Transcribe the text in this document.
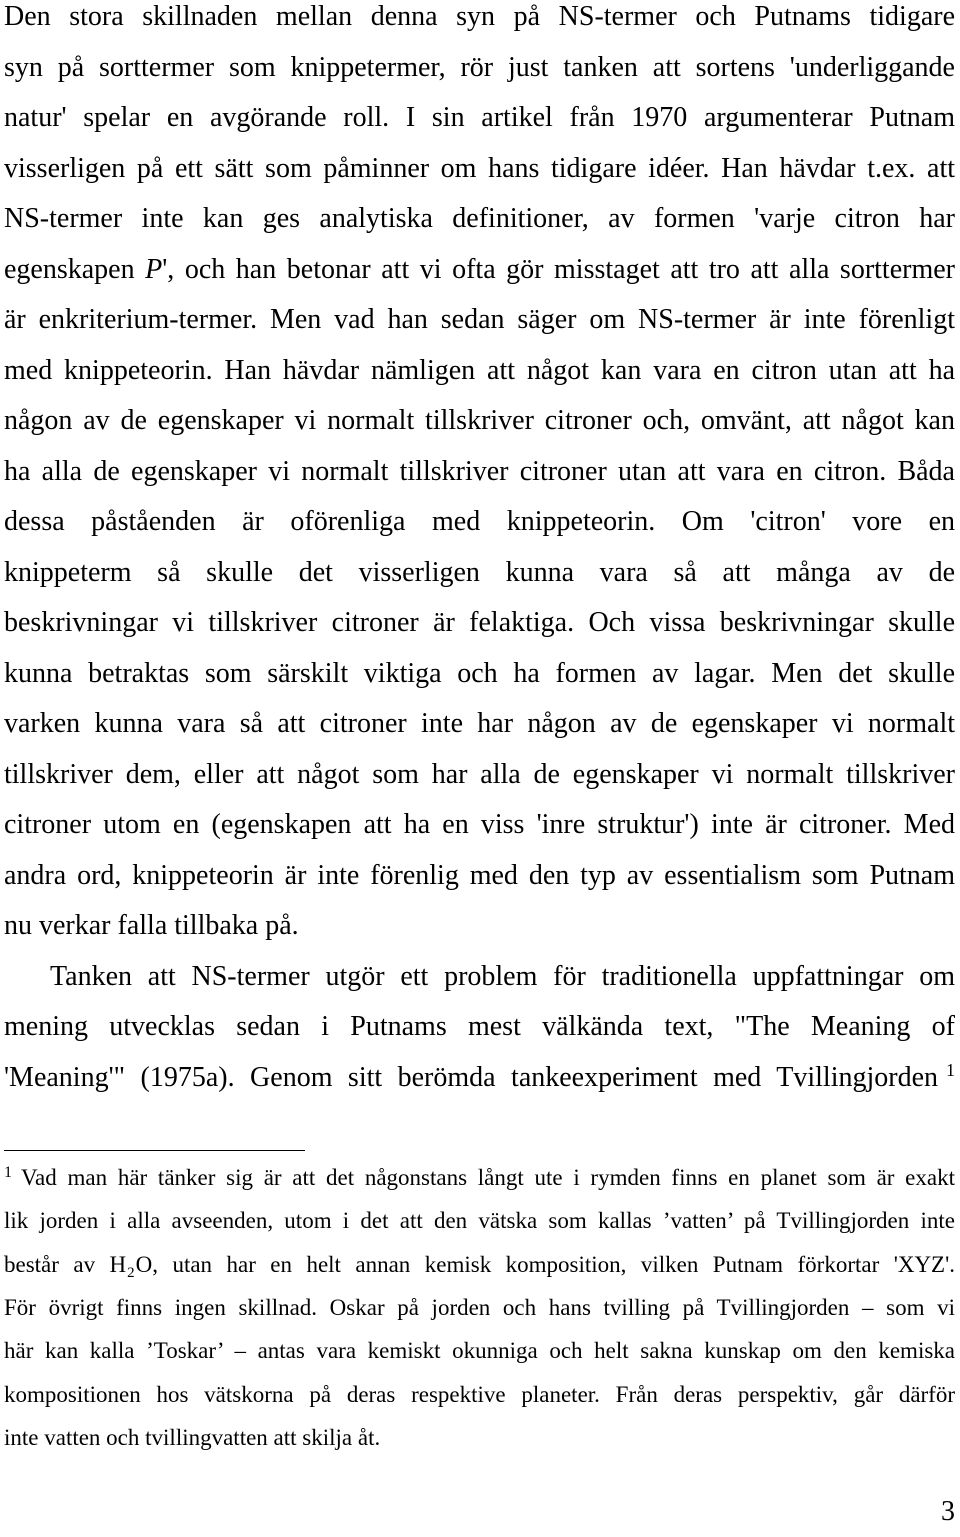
Den stora skillnaden mellan denna syn på NS-termer och Putnams tidigare
syn på sorttermer som knippetermer, rör just tanken att sortens 'underliggande
natur' spelar en avgörande roll. I sin artikel från 1970 argumenterar Putnam
visserligen på ett sätt som påminner om hans tidigare idéer. Han hävdar t.ex. att
NS-termer inte kan ges analytiska definitioner, av formen 'varje citron har
egenskapen P', och han betonar att vi ofta gör misstaget att tro att alla sorttermer
är enkriterium-termer. Men vad han sedan säger om NS-termer är inte förenligt
med knippeteorin. Han hävdar nämligen att något kan vara en citron utan att ha
någon av de egenskaper vi normalt tillskriver citroner och, omvänt, att något kan
ha alla de egenskaper vi normalt tillskriver citroner utan att vara en citron. Båda
dessa påståenden är oförenliga med knippeteorin. Om 'citron' vore en
knippeterm så skulle det visserligen kunna vara så att många av de
beskrivningar vi tillskriver citroner är felaktiga. Och vissa beskrivningar skulle
kunna betraktas som särskilt viktiga och ha formen av lagar. Men det skulle
varken kunna vara så att citroner inte har någon av de egenskaper vi normalt
tillskriver dem, eller att något som har alla de egenskaper vi normalt tillskriver
citroner utom en (egenskapen att ha en viss 'inre struktur') inte är citroner. Med
andra ord, knippeteorin är inte förenlig med den typ av essentialism som Putnam
nu verkar falla tillbaka på.
Tanken att NS-termer utgör ett problem för traditionella uppfattningar om
mening utvecklas sedan i Putnams mest välkända text, "The Meaning of
'Meaning'" (1975a). Genom sitt berömda tankeexperiment med Tvillingjorden $^1$
$^1$ Vad man här tänker sig är att det någonstans långt ute i rymden finns en planet som är exakt
lik jorden i alla avseenden, utom i det att den vätska som kallas ’vatten’ på Tvillingjorden inte
består av $H_2O$, utan har en helt annan kemisk komposition, vilken Putnam förkortar 'XYZ'.
För övrigt finns ingen skillnad. Oskar på jorden och hans tvilling på Tvillingjorden – som vi
här kan kalla ’Toskar’ – antas vara kemiskt okunniga och helt sakna kunskap om den kemiska
kompositionen hos vätskorna på deras respektive planeter. Från deras perspektiv, går därför
inte vatten och tvillingvatten att skilja åt.
3
